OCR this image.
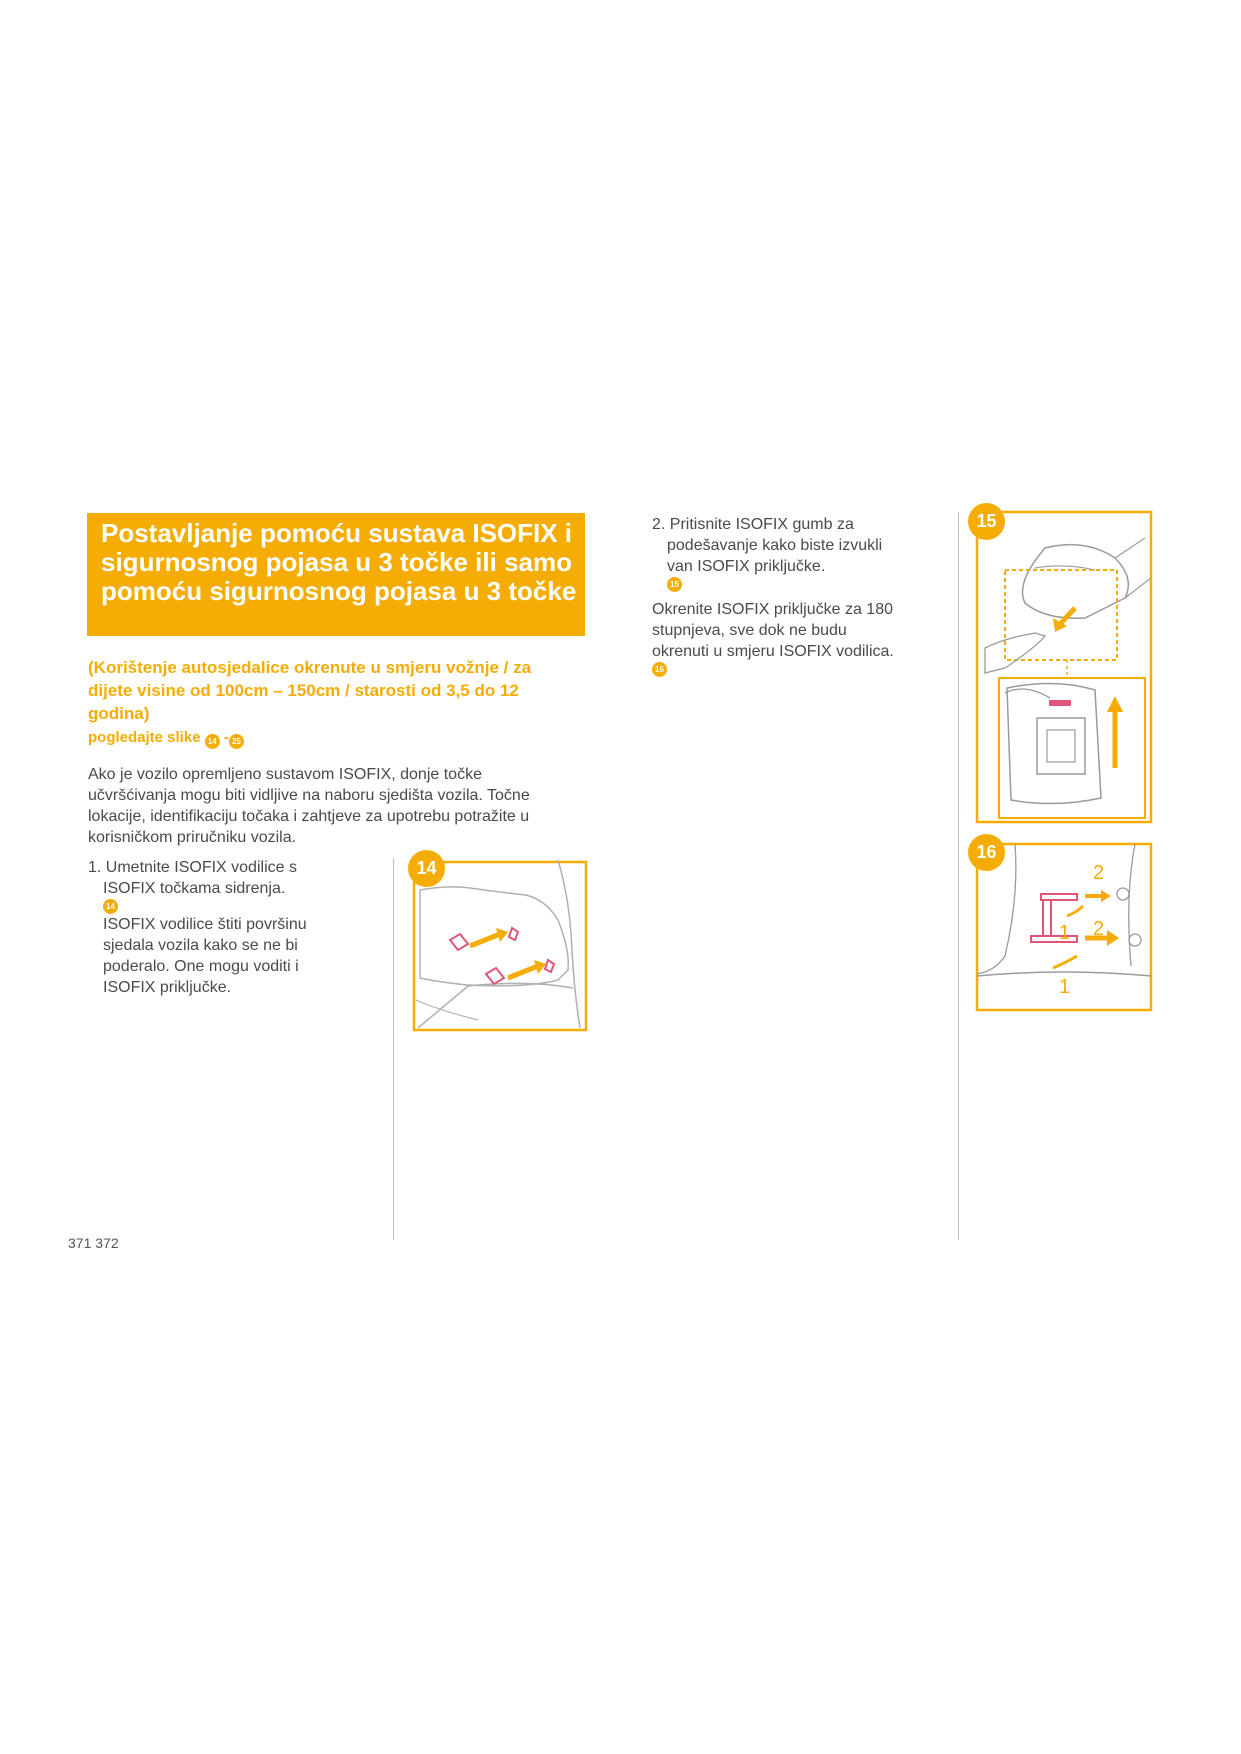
Postavljanje pomoću sustava ISOFIX i
sigurnosnog pojasa u 3 točke ili samo
pomoću sigurnosnog pojasa u 3 točke
(Korištenje autosjedalice okrenute u smjeru vožnje / za
dijete visine od 100cm – 150cm / starosti od 3,5 do 12
godina)
pogledajte slike 14 - 25
Ako je vozilo opremljeno sustavom ISOFIX, donje točke
učvršćivanja mogu biti vidljive na naboru sjedišta vozila. Točne
lokacije, identifikaciju točaka i zahtjeve za upotrebu potražite u
korisničkom priručniku vozila.
1. Umetnite ISOFIX vodilice s
ISOFIX točkama sidrenja.
14
ISOFIX vodilice štiti površinu
sjedala vozila kako se ne bi
poderalo. One mogu voditi i
ISOFIX priključke.
14
2. Pritisnite ISOFIX gumb za
podešavanje kako biste izvukli
van ISOFIX priključke.
15
Okrenite ISOFIX priključke za 180
stupnjeva, sve dok ne budu
okrenuti u smjeru ISOFIX vodilica.
16
15
16
2
1 2
1
371 372
